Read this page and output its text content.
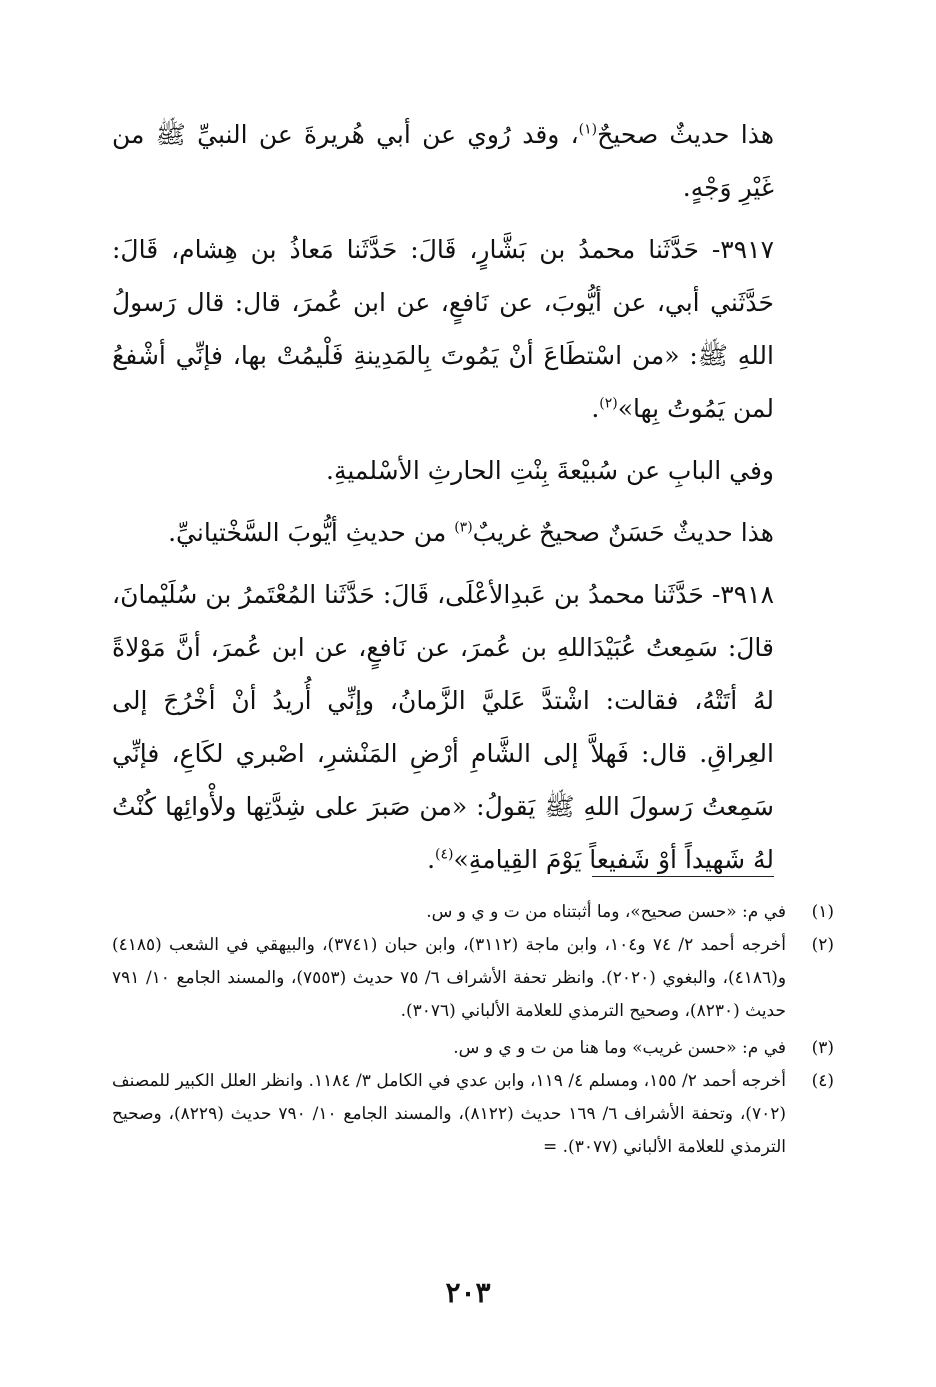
هذا حديثٌ صحيحٌ$^{(١)}$، وقد رُوي عن أبي هُريرةَ عن النبيِّ ﷺ من غَيْرِ وَجْهٍ.

٣٩١٧- حَدَّثَنا محمدُ بن بَشَّارٍ، قَالَ: حَدَّثَنا مَعاذُ بن هِشام، قَالَ: حَدَّثَني أبي، عن أيُّوبَ، عن نَافعٍ، عن ابن عُمرَ، قال: قال رَسولُ اللهِ ﷺ: «من اسْتطَاعَ أنْ يَمُوتَ بِالمَدِينةِ فَلْيمُتْ بها، فإنِّي أشْفعُ لمن يَمُوتُ بِها»$^{(٢)}$.

وفي البابِ عن سُبيْعةَ بِنْتِ الحارثِ الأسْلميةِ.

هذا حديثٌ حَسَنٌ صحيحٌ غريبٌ$^{(٣)}$ من حديثِ أيُّوبَ السَّخْتيانيِّ.

٣٩١٨- حَدَّثَنا محمدُ بن عَبدِالأعْلَى، قَالَ: حَدَّثَنا المُعْتَمرُ بن سُلَيْمانَ، قالَ: سَمِعتُ عُبَيْدَاللهِ بن عُمرَ، عن نَافعٍ، عن ابن عُمرَ، أنَّ مَوْلاةً لهُ أتَتْهُ، فقالت: اشْتدَّ عَليَّ الزَّمانُ، وإنِّي أُريدُ أنْ أخْرُجَ إلى العِراقِ. قال: فَهلاَّ إلى الشَّامِ أرْضِ المَنْشرِ، اصْبري لكَاعِ، فإنِّي سَمِعتُ رَسولَ اللهِ ﷺ يَقولُ: «من صَبرَ على شِدَّتِها ولأْوائِها كُنْتُ لهُ شَهيداً أوْ شَفيعاً يَوْمَ القِيامةِ»$^{(٤)}$.

(١)
في م: «حسن صحيح»، وما أثبتناه من ت و ي و س.
(٢)
أخرجه أحمد ٢/ ٧٤ و١٠٤، وابن ماجة (٣١١٢)، وابن حبان (٣٧٤١)، والبيهقي في الشعب (٤١٨٥) و(٤١٨٦)، والبغوي (٢٠٢٠). وانظر تحفة الأشراف ٦/ ٧٥ حديث (٧٥٥٣)، والمسند الجامع ١٠/ ٧٩١ حديث (٨٢٣٠)، وصحيح الترمذي للعلامة الألباني (٣٠٧٦).
(٣)
في م: «حسن غريب» وما هنا من ت و ي و س.
(٤)
أخرجه أحمد ٢/ ١٥٥، ومسلم ٤/ ١١٩، وابن عدي في الكامل ٣/ ١١٨٤. وانظر العلل الكبير للمصنف (٧٠٢)، وتحفة الأشراف ٦/ ١٦٩ حديث (٨١٢٢)، والمسند الجامع ١٠/ ٧٩٠ حديث (٨٢٢٩)، وصحيح الترمذي للعلامة الألباني (٣٠٧٧). =
٢٠٣
